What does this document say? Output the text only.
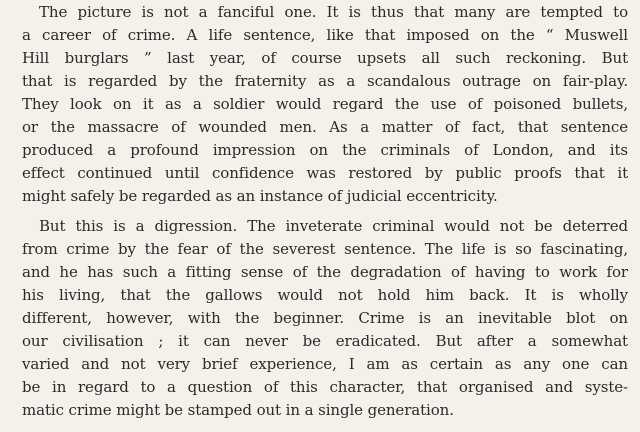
The picture is not a fanciful one. It is thus that many are tempted to
a career of crime. A life sentence, like that imposed on the “ Muswell
Hill burglars ” last year, of course upsets all such reckoning. But
that is regarded by the fraternity as a scandalous outrage on fair-play.
They look on it as a soldier would regard the use of poisoned bullets,
or the massacre of wounded men. As a matter of fact, that sentence
produced a profound impression on the criminals of London, and its
effect continued until confidence was restored by public proofs that it
might safely be regarded as an instance of judicial eccentricity.
But this is a digression. The inveterate criminal would not be deterred
from crime by the fear of the severest sentence. The life is so fascinating,
and he has such a fitting sense of the degradation of having to work for
his living, that the gallows would not hold him back. It is wholly
different, however, with the beginner. Crime is an inevitable blot on
our civilisation ; it can never be eradicated. But after a somewhat
varied and not very brief experience, I am as certain as any one can
be in regard to a question of this character, that organised and syste-
matic crime might be stamped out in a single generation.
